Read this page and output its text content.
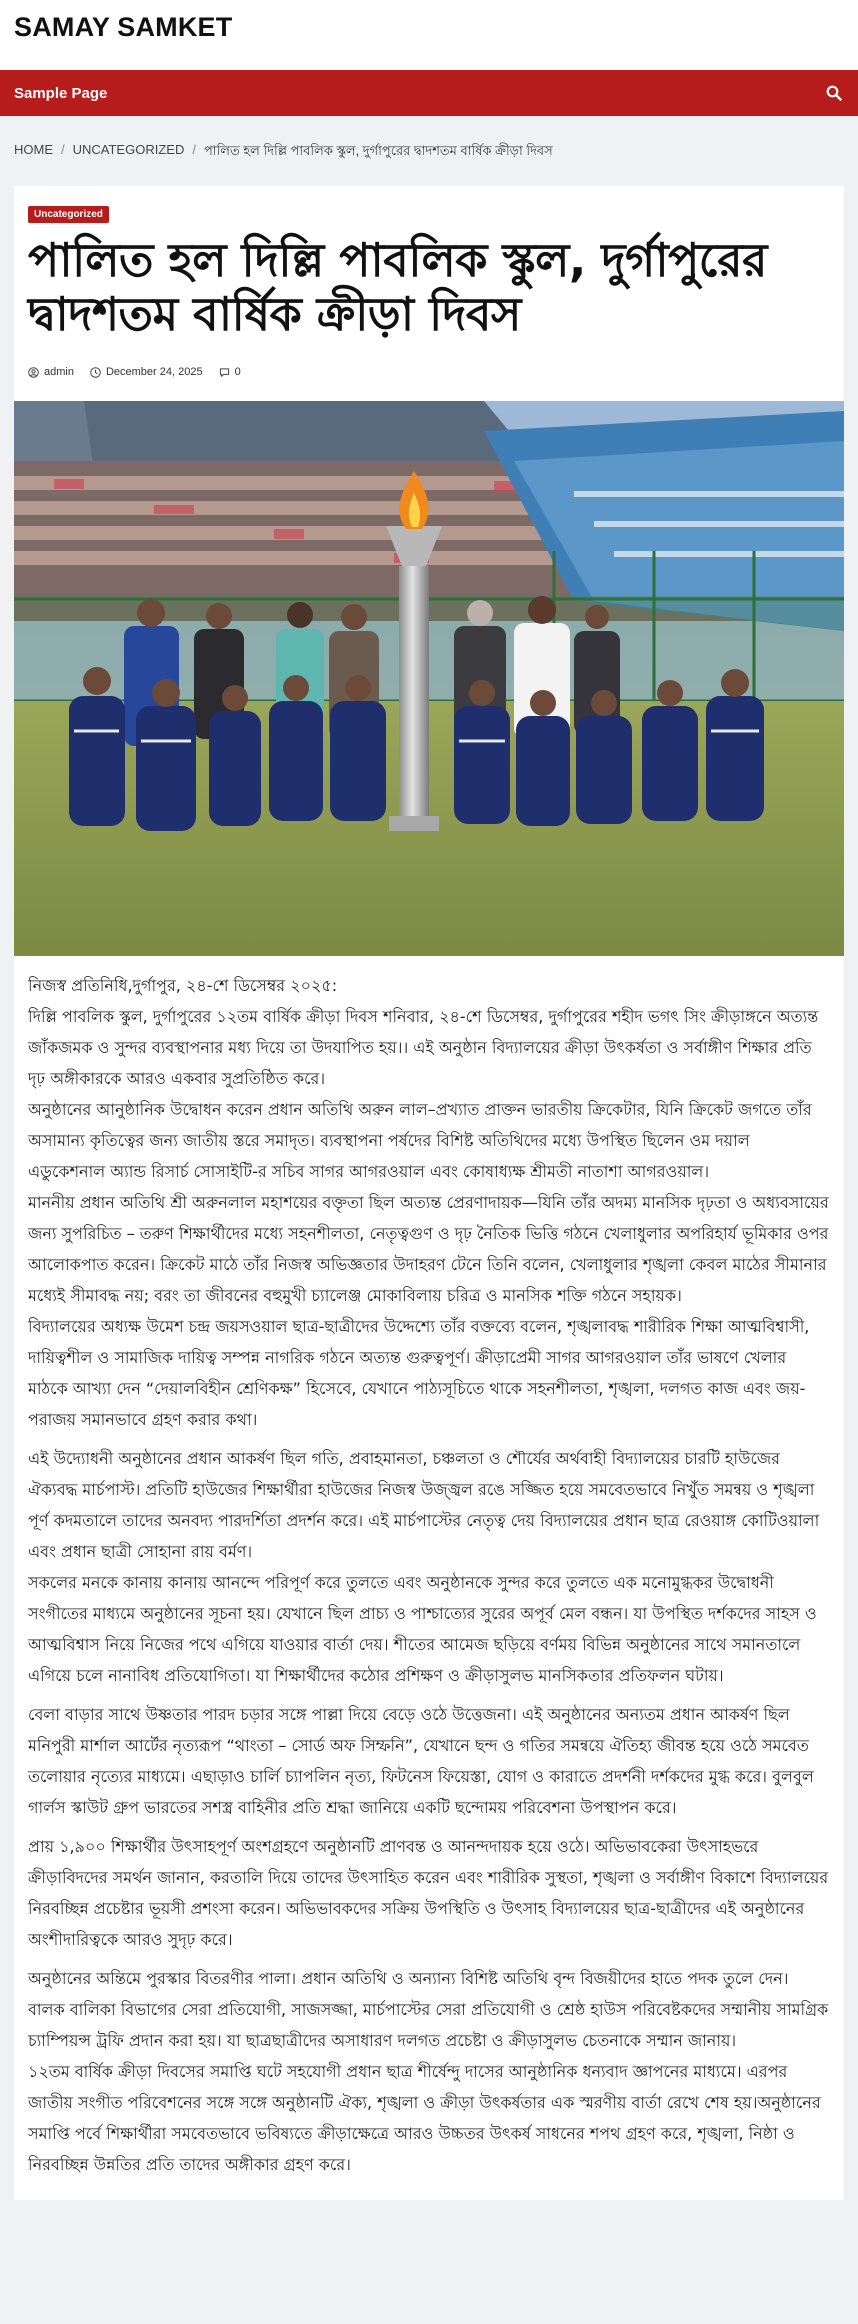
SAMAY SAMKET
Sample Page
HOME / UNCATEGORIZED / পালিত হল দিল্লি পাবলিক স্কুল, দুর্গাপুরের দ্বাদশতম বার্ষিক ক্রীড়া দিবস
Uncategorized
পালিত হল দিল্লি পাবলিক স্কুল, দুর্গাপুরের দ্বাদশতম বার্ষিক ক্রীড়া দিবস
admin	December 24, 2025	0

নিজস্ব প্রতিনিধি,দুর্গাপুর, ২৪-শে ডিসেম্বর ২০২৫:

দিল্লি পাবলিক স্কুল, দুর্গাপুরের ১২তম বার্ষিক ক্রীড়া দিবস শনিবার, ২৪-শে ডিসেম্বর, দুর্গাপুরের শহীদ ভগৎ সিং ক্রীড়াঙ্গনে অত্যন্ত জাঁকজমক ও সুন্দর ব্যবস্থাপনার মধ্য দিয়ে তা উদযাপিত হয়।। এই অনুষ্ঠান বিদ্যালয়ের ক্রীড়া উৎকর্ষতা ও সর্বাঙ্গীণ শিক্ষার প্রতি দৃঢ় অঙ্গীকারকে আরও একবার সুপ্রতিষ্ঠিত করে।

অনুষ্ঠানের আনুষ্ঠানিক উদ্বোধন করেন প্রধান অতিথি অরুন লাল–প্রখ্যাত প্রাক্তন ভারতীয় ক্রিকেটার, যিনি ক্রিকেট জগতে তাঁর অসামান্য কৃতিত্বের জন্য জাতীয় স্তরে সমাদৃত। ব্যবস্থাপনা পর্ষদের বিশিষ্ট অতিথিদের মধ্যে উপস্থিত ছিলেন ওম দয়াল এডুকেশনাল অ্যান্ড রিসার্চ সোসাইটি-র সচিব সাগর আগরওয়াল এবং কোষাধ্যক্ষ শ্রীমতী নাতাশা আগরওয়াল।

মাননীয় প্রধান অতিথি শ্রী অরুনলাল মহাশয়ের বক্তৃতা ছিল অত্যন্ত প্রেরণাদায়ক—যিনি তাঁর অদম্য মানসিক দৃঢ়তা ও অধ্যবসায়ের জন্য সুপরিচিত – তরুণ শিক্ষার্থীদের মধ্যে সহনশীলতা, নেতৃত্বগুণ ও দৃঢ় নৈতিক ভিত্তি গঠনে খেলাধুলার অপরিহার্য ভূমিকার ওপর আলোকপাত করেন। ক্রিকেট মাঠে তাঁর নিজস্ব অভিজ্ঞতার উদাহরণ টেনে তিনি বলেন, খেলাধুলার শৃঙ্খলা কেবল মাঠের সীমানার মধ্যেই সীমাবদ্ধ নয়; বরং তা জীবনের বহুমুখী চ্যালেঞ্জ মোকাবিলায় চরিত্র ও মানসিক শক্তি গঠনে সহায়ক।

বিদ্যালয়ের অধ্যক্ষ উমেশ চন্দ্র জয়সওয়াল ছাত্র-ছাত্রীদের উদ্দেশ্যে তাঁর বক্তব্যে বলেন, শৃঙ্খলাবদ্ধ শারীরিক শিক্ষা আত্মবিশ্বাসী, দায়িত্বশীল ও সামাজিক দায়িত্ব সম্পন্ন নাগরিক গঠনে অত্যন্ত গুরুত্বপূর্ণ। ক্রীড়াপ্রেমী সাগর আগরওয়াল তাঁর ভাষণে খেলার মাঠকে আখ্যা দেন “দেয়ালবিহীন শ্রেণিকক্ষ” হিসেবে, যেখানে পাঠ্যসূচিতে থাকে সহনশীলতা, শৃঙ্খলা, দলগত কাজ এবং জয়-পরাজয় সমানভাবে গ্রহণ করার কথা।

এই উদ্যোধনী অনুষ্ঠানের প্রধান আকর্ষণ ছিল গতি, প্রবাহমানতা, চঞ্চলতা ও শৌর্যের অর্থবাহী বিদ্যালয়ের চারটি হাউজের ঐক্যবদ্ধ মার্চপাস্ট। প্রতিটি হাউজের শিক্ষার্থীরা হাউজের নিজস্ব উজ্জ্বল রঙে সজ্জিত হয়ে সমবেতভাবে নিখুঁত সমন্বয় ও শৃঙ্খলা পূর্ণ কদমতালে তাদের অনবদ্য পারদর্শিতা প্রদর্শন করে। এই মার্চপাস্টের নেতৃত্ব দেয় বিদ্যালয়ের প্রধান ছাত্র রেওয়াঙ্গ কোটিওয়ালা এবং প্রধান ছাত্রী সোহানা রায় বর্মণ।

সকলের মনকে কানায় কানায় আনন্দে পরিপূর্ণ করে তুলতে এবং অনুষ্ঠানকে সুন্দর করে তুলতে এক মনোমুগ্ধকর উদ্বোধনী সংগীতের মাধ্যমে অনুষ্ঠানের সূচনা হয়। যেখানে ছিল প্রাচ্য ও পাশ্চাত্যের সুরের অপূর্ব মেল বন্ধন। যা উপস্থিত দর্শকদের সাহস ও আত্মবিশ্বাস নিয়ে নিজের পথে এগিয়ে যাওয়ার বার্তা দেয়। শীতের আমেজ ছড়িয়ে বর্ণময় বিভিন্ন অনুষ্ঠানের সাথে সমানতালে এগিয়ে চলে নানাবিধ প্রতিযোগিতা। যা শিক্ষার্থীদের কঠোর প্রশিক্ষণ ও ক্রীড়াসুলভ মানসিকতার প্রতিফলন ঘটায়।

বেলা বাড়ার সাথে উষ্ণতার পারদ চড়ার সঙ্গে পাল্লা দিয়ে বেড়ে ওঠে উত্তেজনা। এই অনুষ্ঠানের অন্যতম প্রধান আকর্ষণ ছিল মনিপুরী মার্শাল আর্টের নৃত্যরূপ “থাংতা – সোর্ড অফ সিম্ফনি”, যেখানে ছন্দ ও গতির সমন্বয়ে ঐতিহ্য জীবন্ত হয়ে ওঠে সমবেত তলোয়ার নৃত্যের মাধ্যমে। এছাড়াও চার্লি চ্যাপলিন নৃত্য, ফিটনেস ফিয়েস্তা, যোগ ও কারাতে প্রদর্শনী দর্শকদের মুগ্ধ করে। বুলবুল গার্লস স্কাউট গ্রুপ ভারতের সশস্ত্র বাহিনীর প্রতি শ্রদ্ধা জানিয়ে একটি ছন্দোময় পরিবেশনা উপস্থাপন করে।

প্রায় ১,৯০০ শিক্ষার্থীর উৎসাহপূর্ণ অংশগ্রহণে অনুষ্ঠানটি প্রাণবন্ত ও আনন্দদায়ক হয়ে ওঠে। অভিভাবকেরা উৎসাহভরে ক্রীড়াবিদদের সমর্থন জানান, করতালি দিয়ে তাদের উৎসাহিত করেন এবং শারীরিক সুস্থতা, শৃঙ্খলা ও সর্বাঙ্গীণ বিকাশে বিদ্যালয়ের নিরবচ্ছিন্ন প্রচেষ্টার ভূয়সী প্রশংসা করেন। অভিভাবকদের সক্রিয় উপস্থিতি ও উৎসাহ বিদ্যালয়ের ছাত্র-ছাত্রীদের এই অনুষ্ঠানের অংশীদারিত্বকে আরও সুদৃঢ় করে।

অনুষ্ঠানের অন্তিমে পুরস্কার বিতরণীর পালা। প্রধান অতিথি ও অন্যান্য বিশিষ্ট অতিথি বৃন্দ বিজয়ীদের হাতে পদক তুলে দেন। বালক বালিকা বিভাগের সেরা প্রতিযোগী, সাজসজ্জা, মার্চপাস্টের সেরা প্রতিযোগী ও শ্রেষ্ঠ হাউস পরিবেষ্টকদের সম্মানীয় সামগ্রিক চ্যাম্পিয়ন্স ট্রফি প্রদান করা হয়। যা ছাত্রছাত্রীদের অসাধারণ দলগত প্রচেষ্টা ও ক্রীড়াসুলভ চেতনাকে সম্মান জানায়।

১২তম বার্ষিক ক্রীড়া দিবসের সমাপ্তি ঘটে সহযোগী প্রধান ছাত্র শীর্ষেন্দু দাসের আনুষ্ঠানিক ধন্যবাদ জ্ঞাপনের মাধ্যমে। এরপর জাতীয় সংগীত পরিবেশনের সঙ্গে সঙ্গে অনুষ্ঠানটি ঐক্য, শৃঙ্খলা ও ক্রীড়া উৎকর্ষতার এক স্মরণীয় বার্তা রেখে শেষ হয়।অনুষ্ঠানের সমাপ্তি পর্বে শিক্ষার্থীরা সমবেতভাবে ভবিষ্যতে ক্রীড়াক্ষেত্রে আরও উচ্চতর উৎকর্ষ সাধনের শপথ গ্রহণ করে, শৃঙ্খলা, নিষ্ঠা ও নিরবচ্ছিন্ন উন্নতির প্রতি তাদের অঙ্গীকার গ্রহণ করে।
